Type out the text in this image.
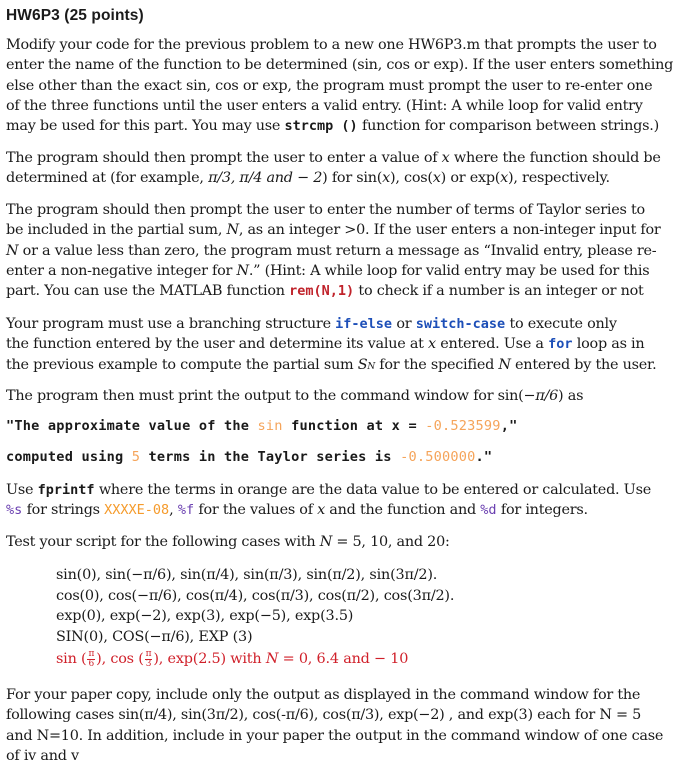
HW6P3 (25 points)
Modify your code for the previous problem to a new one HW6P3.m that prompts the user to
enter the name of the function to be determined (sin, cos or exp). If the user enters something
else other than the exact sin, cos or exp, the program must prompt the user to re-enter one
of the three functions until the user enters a valid entry. (Hint: A while loop for valid entry
may be used for this part. You may use strcmp () function for comparison between strings.)
The program should then prompt the user to enter a value of x where the function should be
determined at (for example, π/3, π/4 and − 2) for sin(x), cos(x) or exp(x), respectively.
The program should then prompt the user to enter the number of terms of Taylor series to
be included in the partial sum, N, as an integer >0. If the user enters a non-integer input for
N or a value less than zero, the program must return a message as “Invalid entry, please re-
enter a non-negative integer for N.” (Hint: A while loop for valid entry may be used for this
part. You can use the MATLAB function rem(N,1) to check if a number is an integer or not
Your program must use a branching structure if-else or switch-case to execute only
the function entered by the user and determine its value at x entered. Use a for loop as in
the previous example to compute the partial sum SN for the specified N entered by the user.
The program then must print the output to the command window for sin(−π/6) as
"The approximate value of the sin function at x = -0.523599,"
computed using 5 terms in the Taylor series is -0.500000."
Use fprintf where the terms in orange are the data value to be entered or calculated. Use
%s for strings XXXXE-08, %f for the values of x and the function and %d for integers.
Test your script for the following cases with N = 5, 10, and 20:
sin(0), sin(−π/6), sin(π/4), sin(π/3), sin(π/2), sin(3π/2).
cos(0), cos(−π/6), cos(π/4), cos(π/3), cos(π/2), cos(3π/2).
exp(0), exp(−2), exp(3), exp(−5), exp(3.5)
SIN(0), COS(−π/6), EXP (3)
sin ( $\frac{\pi}{6}$ ), cos ( $\frac{\pi}{3}$ ), exp(2.5) with N = 0, 6.4 and − 10
For your paper copy, include only the output as displayed in the command window for the
following cases sin(π/4), sin(3π/2), cos(-π/6), cos(π/3), exp(−2) , and exp(3) each for N = 5
and N=10. In addition, include in your paper the output in the command window of one case
of iv and v
